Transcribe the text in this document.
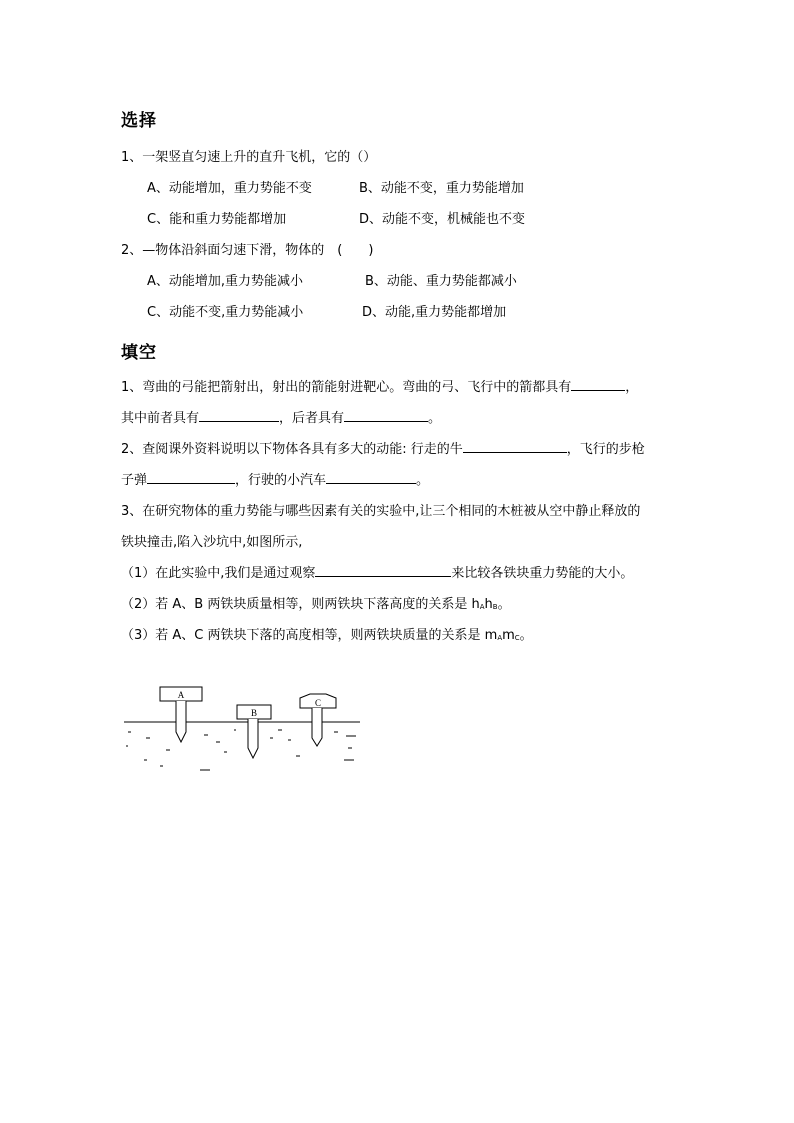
选择
1、一架竖直匀速上升的直升飞机，它的（）
A、动能增加，重力势能不变	B、动能不变，重力势能增加
C、能和重力势能都增加	D、动能不变，机械能也不变
2、—物体沿斜面匀速下滑，物体的　(　　)
A、动能增加,重力势能减小	B、动能、重力势能都减小
C、动能不变,重力势能减小	D、动能,重力势能都增加
填空
1、弯曲的弓能把箭射出，射出的箭能射进靶心。弯曲的弓、飞行中的箭都具有	，
其中前者具有	，后者具有	。
2、查阅课外资料说明以下物体各具有多大的动能: 行走的牛	，飞行的步枪
子弹	，行驶的小汽车	。
3、在研究物体的重力势能与哪些因素有关的实验中,让三个相同的木桩被从空中静止释放的
铁块撞击,陷入沙坑中,如图所示,
（1）在此实验中,我们是通过观察	来比较各铁块重力势能的大小。
（2）若 A、B 两铁块质量相等，则两铁块下落高度的关系是 hAhB。
（3）若 A、C 两铁块下落的高度相等，则两铁块质量的关系是 mAmC。
A
B
C
